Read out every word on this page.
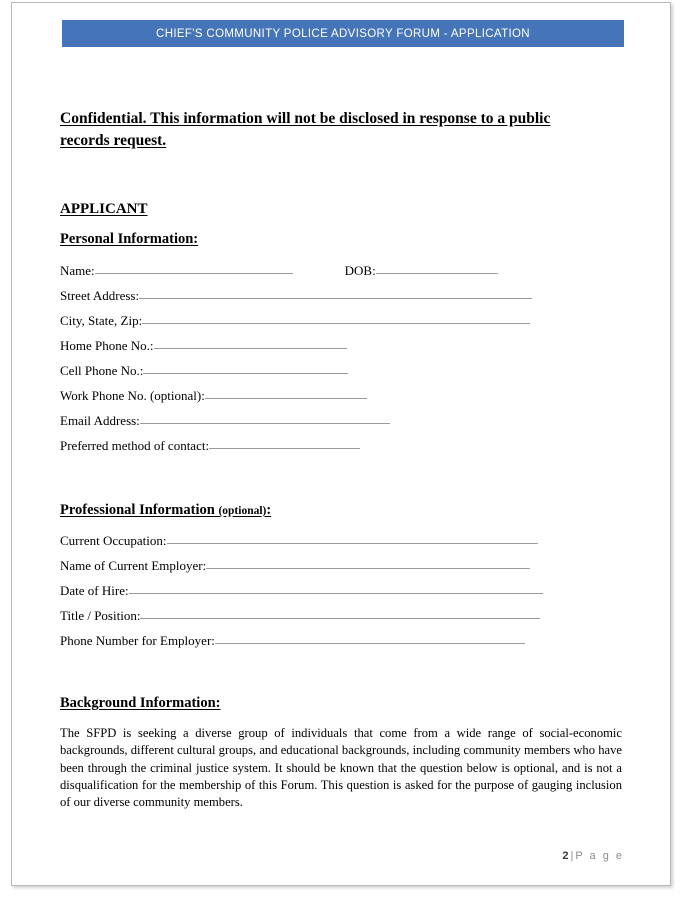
CHIEF'S COMMUNITY POLICE ADVISORY FORUM - APPLICATION

Confidential. This information will not be disclosed in response to a public records request.

APPLICANT
Personal Information:
Name:	DOB:
Street Address:
City, State, Zip:
Home Phone No.:
Cell Phone No.:
Work Phone No. (optional):
Email Address:
Preferred method of contact:
Professional Information (optional):
Current Occupation:
Name of Current Employer:
Date of Hire:
Title / Position:
Phone Number for Employer:
Background Information:

The SFPD is seeking a diverse group of individuals that come from a wide range of social-economic backgrounds, different cultural groups, and educational backgrounds, including community members who have been through the criminal justice system. It should be known that the question below is optional, and is not a disqualification for the membership of this Forum. This question is asked for the purpose of gauging inclusion of our diverse community members.

2 | P a g e
